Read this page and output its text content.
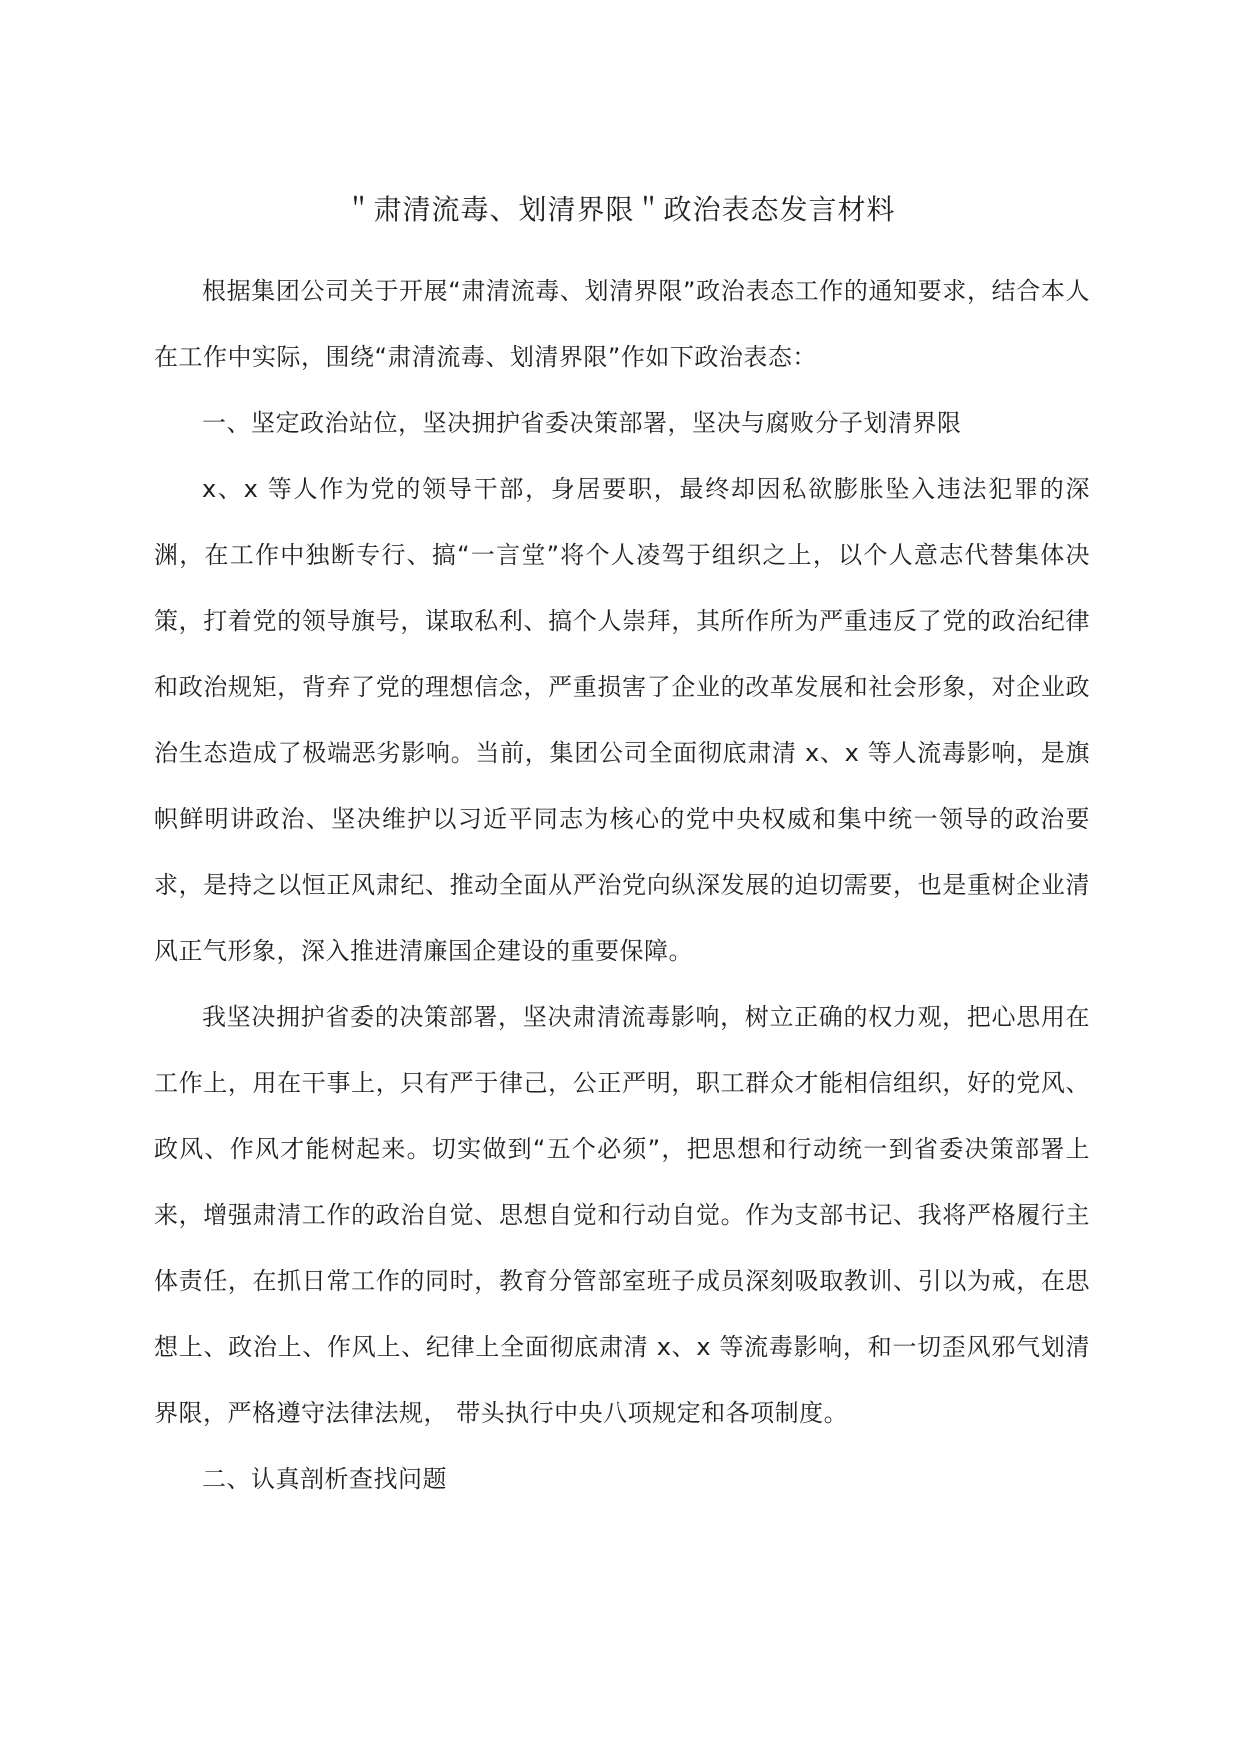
＂肃清流毒、划清界限＂政治表态发言材料

根据集团公司关于开展“肃清流毒、划清界限”政治表态工作的通知要求，结合本人在工作中实际，围绕“肃清流毒、划清界限”作如下政治表态：

一、坚定政治站位，坚决拥护省委决策部署，坚决与腐败分子划清界限

x、x 等人作为党的领导干部，身居要职，最终却因私欲膨胀坠入违法犯罪的深渊，在工作中独断专行、搞“一言堂”将个人凌驾于组织之上，以个人意志代替集体决策，打着党的领导旗号，谋取私利、搞个人崇拜，其所作所为严重违反了党的政治纪律和政治规矩，背弃了党的理想信念，严重损害了企业的改革发展和社会形象，对企业政治生态造成了极端恶劣影响。当前，集团公司全面彻底肃清 x、x 等人流毒影响，是旗帜鲜明讲政治、坚决维护以习近平同志为核心的党中央权威和集中统一领导的政治要求，是持之以恒正风肃纪、推动全面从严治党向纵深发展的迫切需要，也是重树企业清风正气形象，深入推进清廉国企建设的重要保障。

我坚决拥护省委的决策部署，坚决肃清流毒影响，树立正确的权力观，把心思用在工作上，用在干事上，只有严于律己，公正严明，职工群众才能相信组织，好的党风、政风、作风才能树起来。切实做到“五个必须”，把思想和行动统一到省委决策部署上来，增强肃清工作的政治自觉、思想自觉和行动自觉。作为支部书记、我将严格履行主体责任，在抓日常工作的同时，教育分管部室班子成员深刻吸取教训、引以为戒，在思想上、政治上、作风上、纪律上全面彻底肃清 x、x 等流毒影响，和一切歪风邪气划清界限，严格遵守法律法规， 带头执行中央八项规定和各项制度。

二、认真剖析查找问题
